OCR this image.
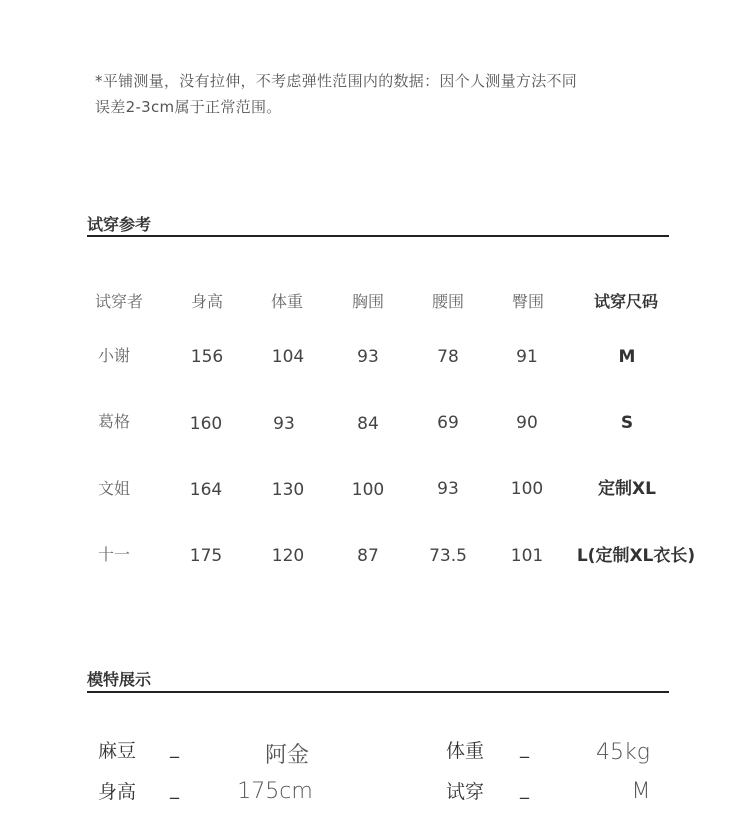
*平铺测量，没有拉伸，不考虑弹性范围内的数据：因个人测量方法不同
误差2-3cm属于正常范围。
试穿参考
试穿者	身高	体重	胸围	腰围	臀围	试穿尺码
小谢	156	104	93	78	91	M
葛格	160	93	84	69	90	S
文姐	164	130	100	93	100	定制XL
十一	175	120	87	73.5	101 L(定制XL衣长)
模特展示
麻豆 _	阿金
身高 _	175cm
体重 _	45kg
试穿 _	M
